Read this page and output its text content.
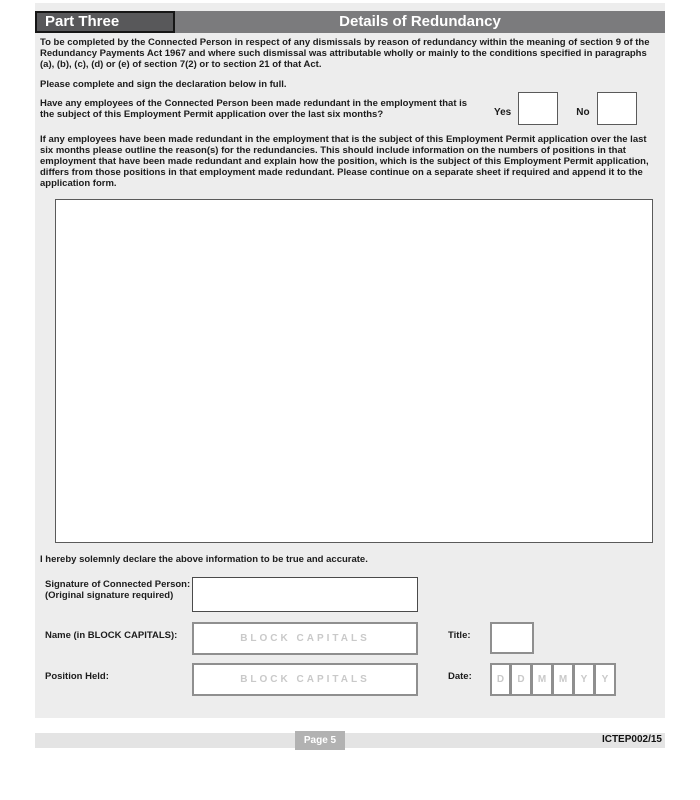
Part Three	Details of Redundancy
To be completed by the Connected Person in respect of any dismissals by reason of redundancy within the meaning of section 9 of the Redundancy Payments Act 1967 and where such dismissal was attributable wholly or mainly to the conditions specified in paragraphs (a), (b), (c), (d) or (e) of section 7(2) or to section 21 of that Act.
Please complete and sign the declaration below in full.
Have any employees of the Connected Person been made redundant in the employment that is the subject of this Employment Permit application over the last six months?	Yes	No
If any employees have been made redundant in the employment that is the subject of this Employment Permit application over the last six months please outline the reason(s) for the redundancies. This should include information on the numbers of positions in that employment that have been made redundant and explain how the position, which is the subject of this Employment Permit application, differs from those positions in that employment made redundant. Please continue on a separate sheet if required and append it to the application form.
I hereby solemnly declare the above information to be true and accurate.
Signature of Connected Person:
(Original signature required)
Name (in BLOCK CAPITALS):	BLOCK CAPITALS	Title:
Position Held:	BLOCK CAPITALS	Date:	D	D	M	M	Y	Y
Page 5	ICTEP002/15
